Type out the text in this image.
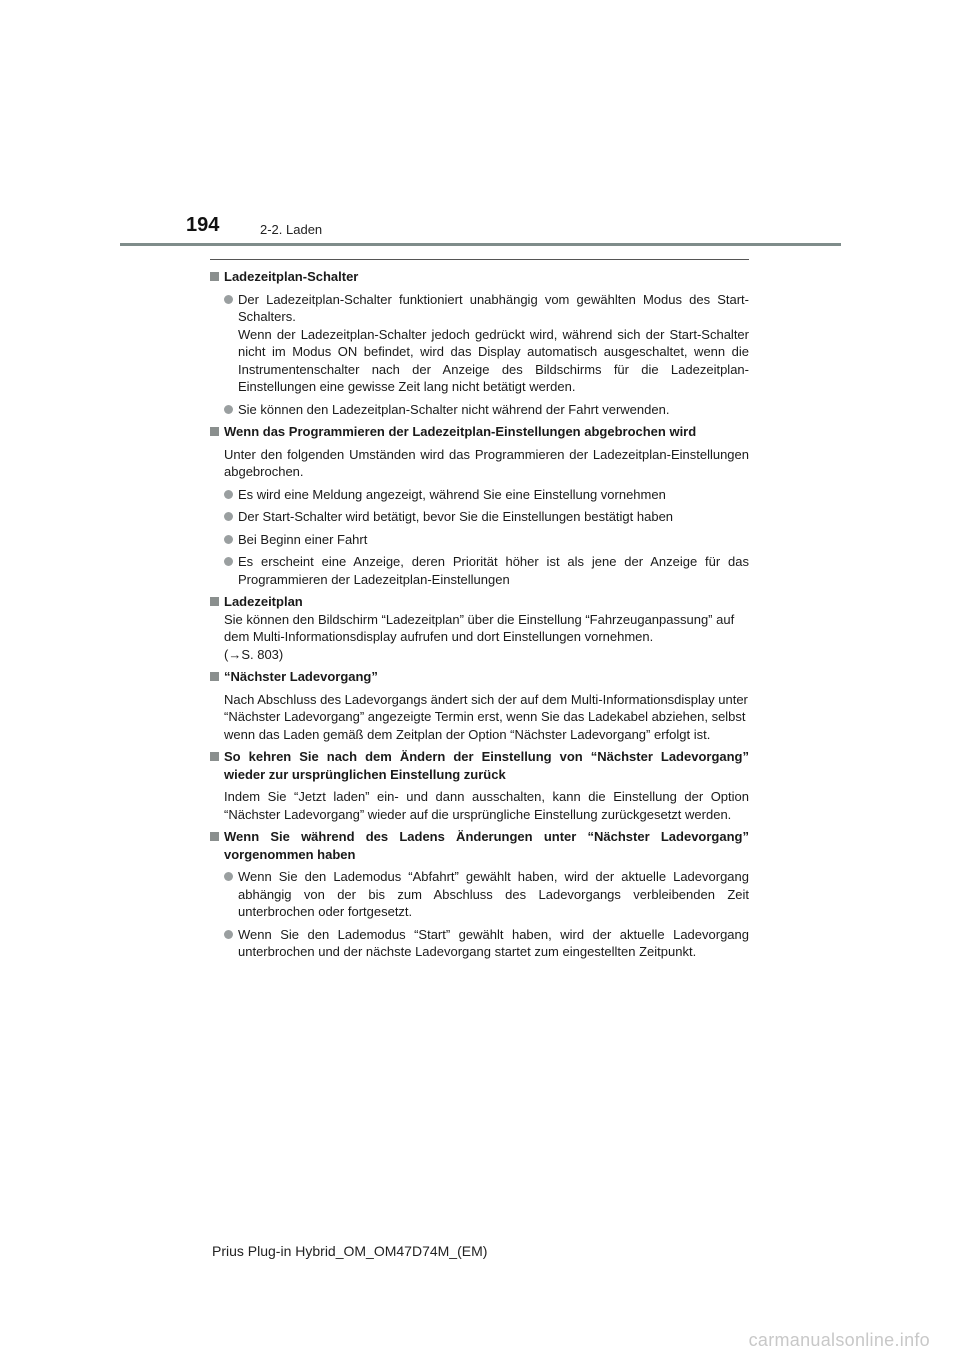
194	2-2. Laden
Ladezeitplan-Schalter
Der Ladezeitplan-Schalter funktioniert unabhängig vom gewählten Modus des Start-Schalters.
Wenn der Ladezeitplan-Schalter jedoch gedrückt wird, während sich der Start-Schalter nicht im Modus ON befindet, wird das Display automatisch ausgeschaltet, wenn die Instrumentenschalter nach der Anzeige des Bildschirms für die Ladezeitplan-Einstellungen eine gewisse Zeit lang nicht betätigt werden.
Sie können den Ladezeitplan-Schalter nicht während der Fahrt verwenden.
Wenn das Programmieren der Ladezeitplan-Einstellungen abgebrochen wird
Unter den folgenden Umständen wird das Programmieren der Ladezeitplan-Einstellungen abgebrochen.
Es wird eine Meldung angezeigt, während Sie eine Einstellung vornehmen
Der Start-Schalter wird betätigt, bevor Sie die Einstellungen bestätigt haben
Bei Beginn einer Fahrt
Es erscheint eine Anzeige, deren Priorität höher ist als jene der Anzeige für das Programmieren der Ladezeitplan-Einstellungen
Ladezeitplan
Sie können den Bildschirm “Ladezeitplan” über die Einstellung “Fahrzeuganpassung” auf dem Multi-Informationsdisplay aufrufen und dort Einstellungen vornehmen.
(→S. 803)
“Nächster Ladevorgang”
Nach Abschluss des Ladevorgangs ändert sich der auf dem Multi-Informationsdisplay unter “Nächster Ladevorgang” angezeigte Termin erst, wenn Sie das Ladekabel abziehen, selbst wenn das Laden gemäß dem Zeitplan der Option “Nächster Ladevorgang” erfolgt ist.
So kehren Sie nach dem Ändern der Einstellung von “Nächster Ladevorgang” wieder zur ursprünglichen Einstellung zurück
Indem Sie “Jetzt laden” ein- und dann ausschalten, kann die Einstellung der Option “Nächster Ladevorgang” wieder auf die ursprüngliche Einstellung zurückgesetzt werden.
Wenn Sie während des Ladens Änderungen unter “Nächster Ladevorgang” vorgenommen haben
Wenn Sie den Lademodus “Abfahrt” gewählt haben, wird der aktuelle Ladevorgang abhängig von der bis zum Abschluss des Ladevorgangs verbleibenden Zeit unterbrochen oder fortgesetzt.
Wenn Sie den Lademodus “Start” gewählt haben, wird der aktuelle Ladevorgang unterbrochen und der nächste Ladevorgang startet zum eingestellten Zeitpunkt.
Prius Plug-in Hybrid_OM_OM47D74M_(EM)
carmanualsonline.info
